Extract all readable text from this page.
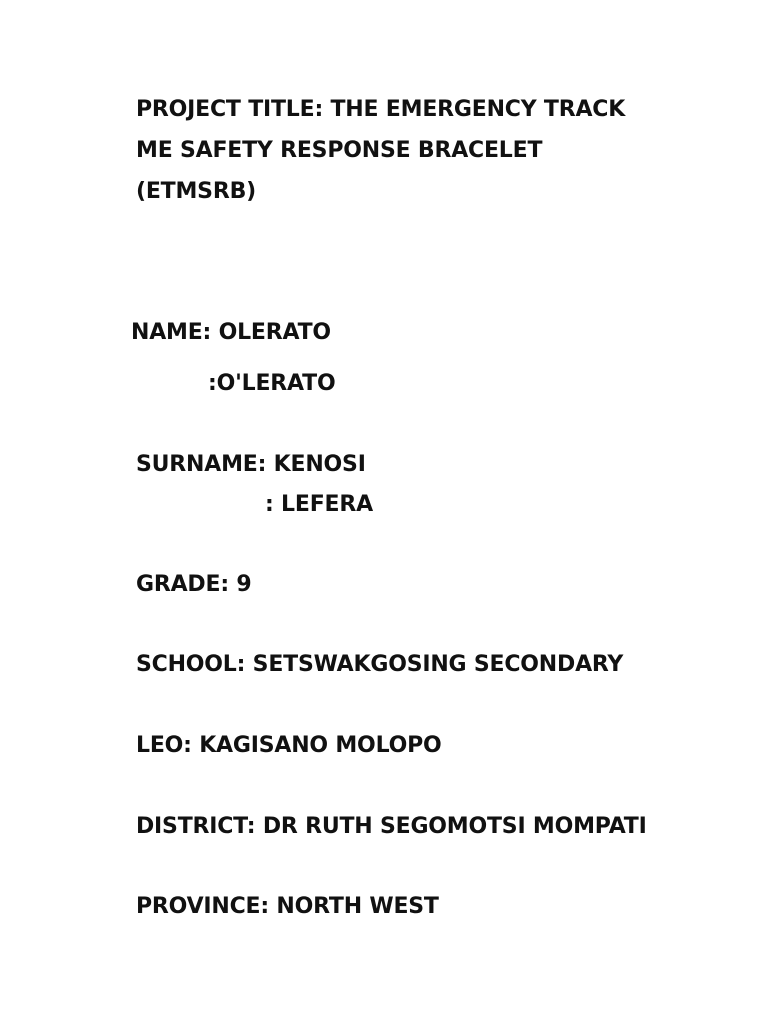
PROJECT TITLE: THE EMERGENCY TRACK

ME SAFETY RESPONSE BRACELET

(ETMSRB)

NAME: OLERATO

:O'LERATO

SURNAME: KENOSI

: LEFERA

GRADE: 9

SCHOOL: SETSWAKGOSING SECONDARY

LEO: KAGISANO MOLOPO

DISTRICT: DR RUTH SEGOMOTSI MOMPATI

PROVINCE: NORTH WEST
